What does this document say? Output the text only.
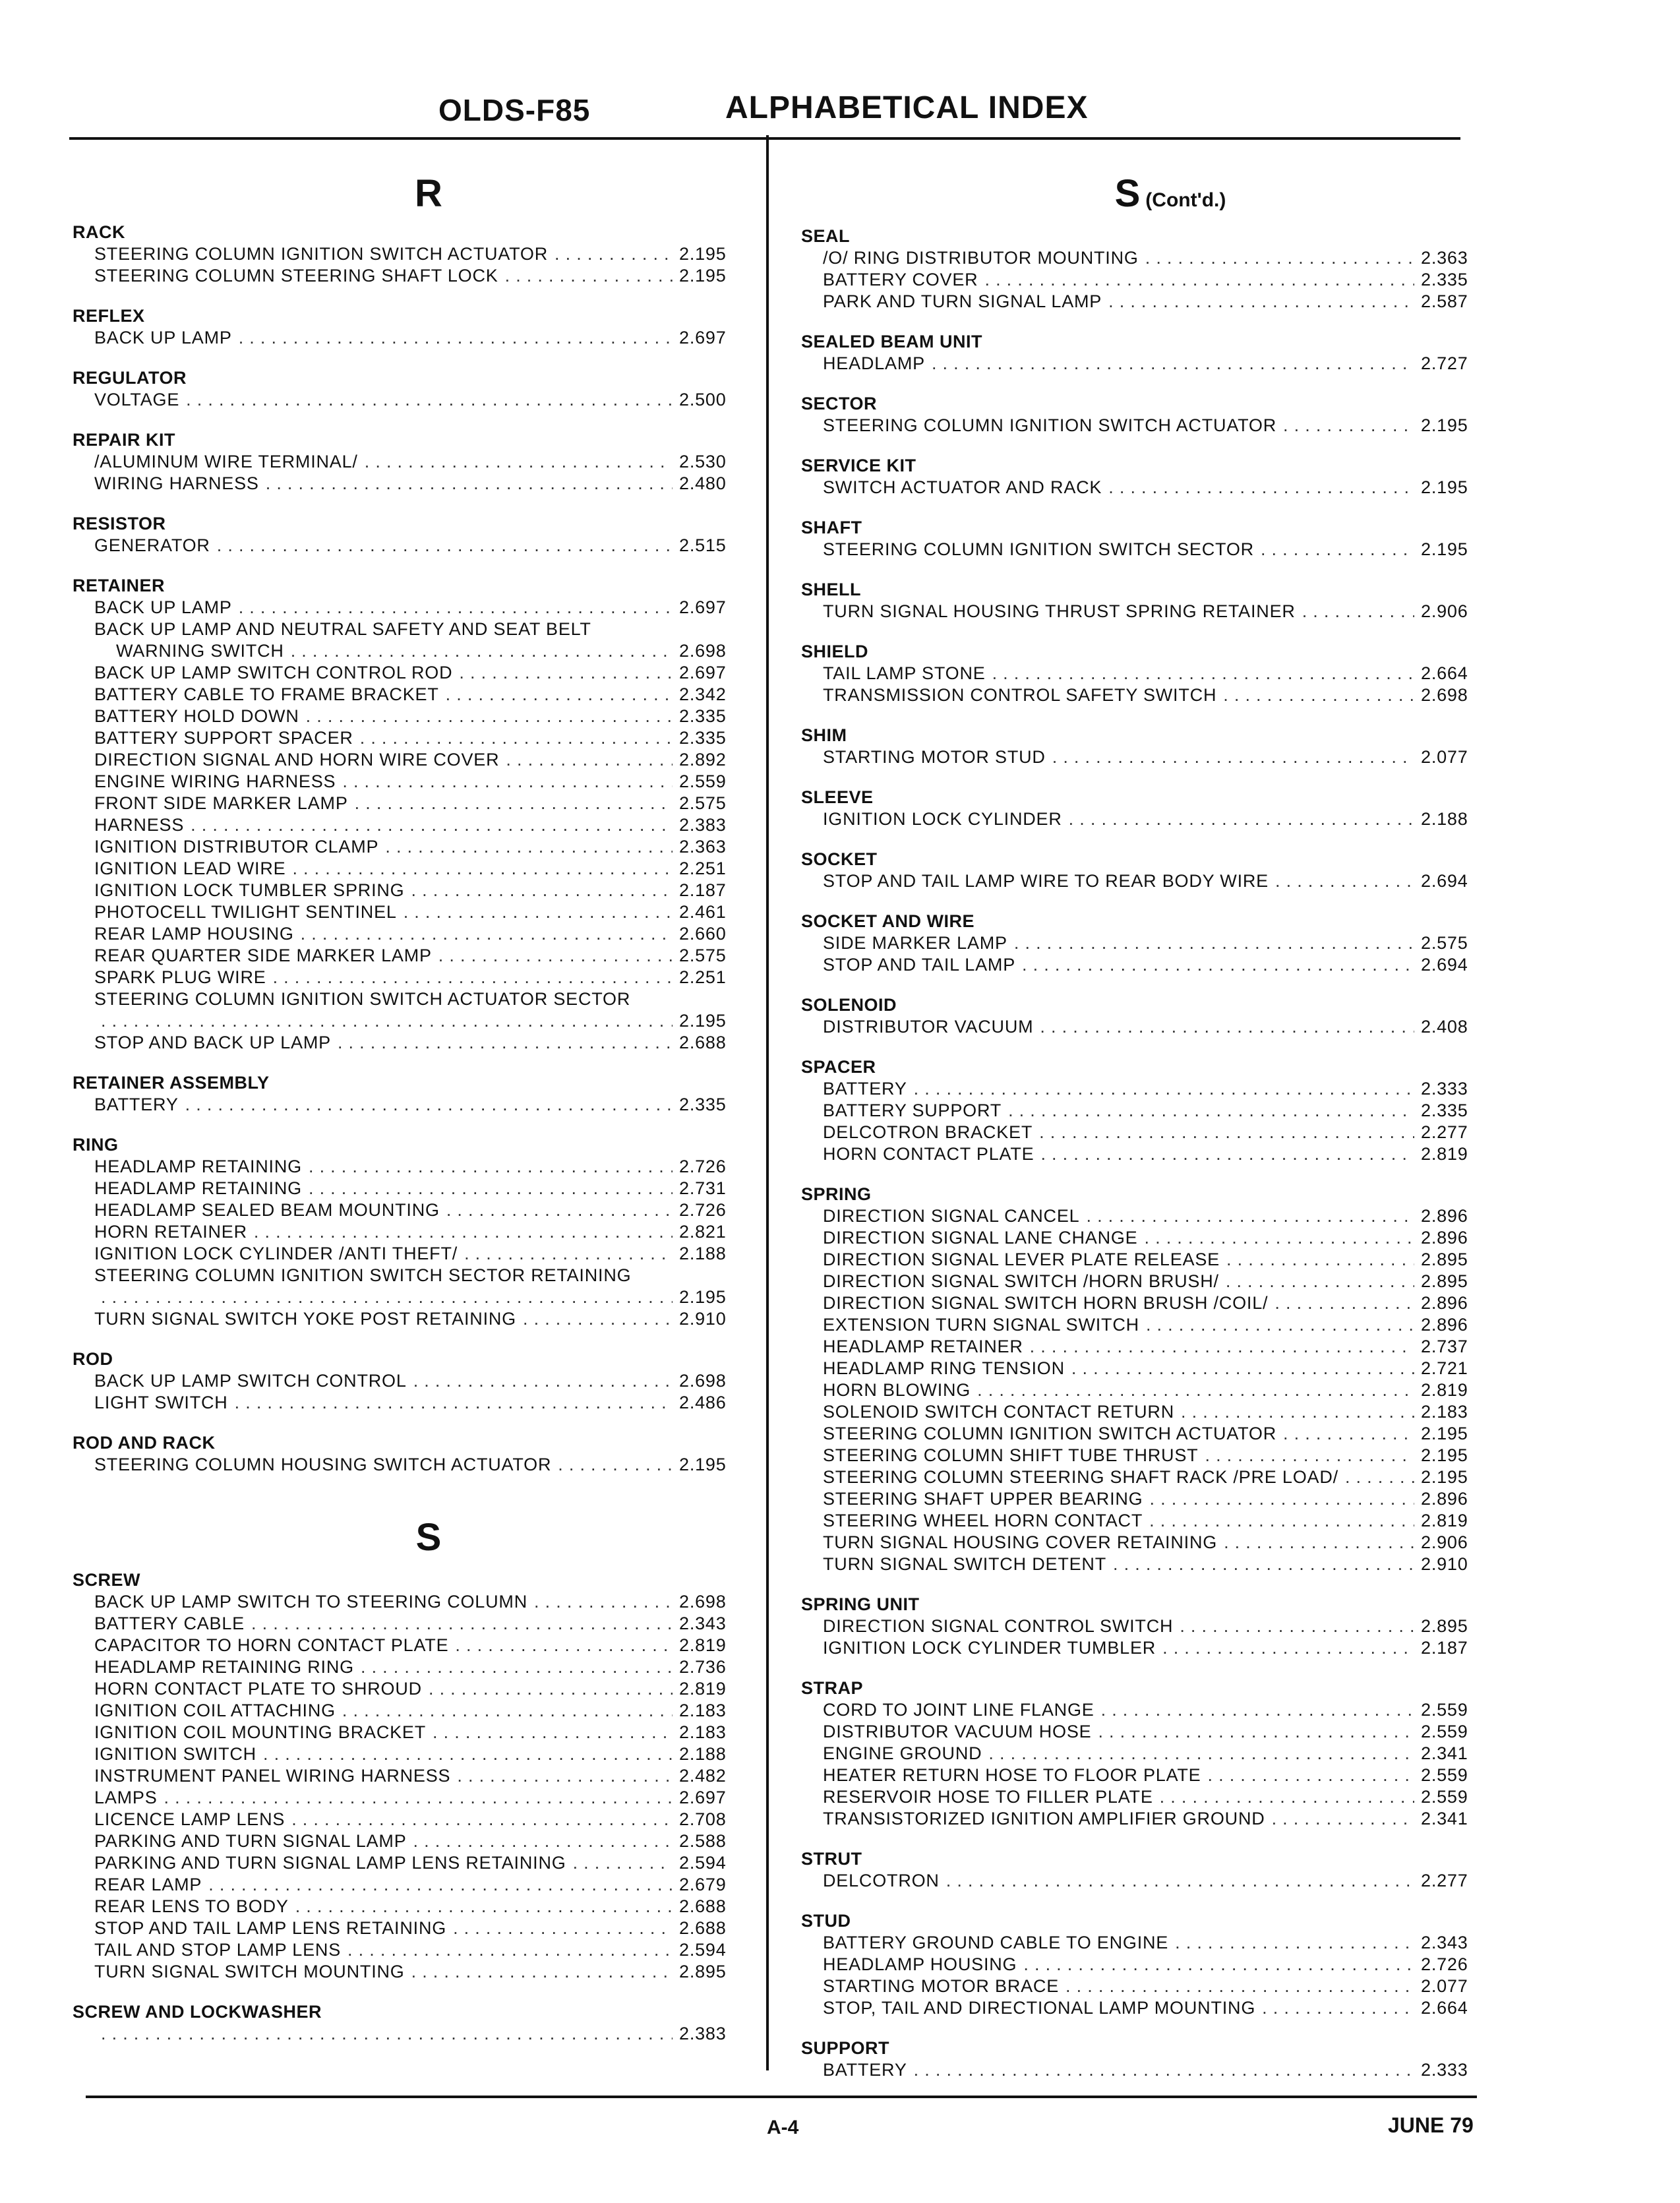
OLDS-F85	ALPHABETICAL INDEX
R
RACK
STEERING COLUMN IGNITION SWITCH ACTUATOR . . .	2.195
STEERING COLUMN STEERING SHAFT LOCK . . .	2.195
REFLEX
BACK UP LAMP . . .	2.697
REGULATOR
VOLTAGE . . .	2.500
REPAIR KIT
/ALUMINUM WIRE TERMINAL/ . . .	2.530
WIRING HARNESS . . .	2.480
RESISTOR
GENERATOR . . .	2.515
RETAINER
BACK UP LAMP . . .	2.697
BACK UP LAMP AND NEUTRAL SAFETY AND SEAT BELT
WARNING SWITCH . . .	2.698
BACK UP LAMP SWITCH CONTROL ROD . . .	2.697
BATTERY CABLE TO FRAME BRACKET . . .	2.342
BATTERY HOLD DOWN . . .	2.335
BATTERY SUPPORT SPACER . . .	2.335
DIRECTION SIGNAL AND HORN WIRE COVER . . .	2.892
ENGINE WIRING HARNESS . . .	2.559
FRONT SIDE MARKER LAMP . . .	2.575
HARNESS . . .	2.383
IGNITION DISTRIBUTOR CLAMP . . .	2.363
IGNITION LEAD WIRE . . .	2.251
IGNITION LOCK TUMBLER SPRING . . .	2.187
PHOTOCELL TWILIGHT SENTINEL . . .	2.461
REAR LAMP HOUSING . . .	2.660
REAR QUARTER SIDE MARKER LAMP . . .	2.575
SPARK PLUG WIRE . . .	2.251
STEERING COLUMN IGNITION SWITCH ACTUATOR SECTOR
. . .
2.195
STOP AND BACK UP LAMP . . .	2.688
RETAINER ASSEMBLY
BATTERY . . .	2.335
RING
HEADLAMP RETAINING . . .	2.726
HEADLAMP RETAINING . . .	2.731
HEADLAMP SEALED BEAM MOUNTING . . .	2.726
HORN RETAINER . . .	2.821
IGNITION LOCK CYLINDER /ANTI THEFT/ . . .	2.188
STEERING COLUMN IGNITION SWITCH SECTOR RETAINING
. . .
2.195
TURN SIGNAL SWITCH YOKE POST RETAINING . . .	2.910
ROD
BACK UP LAMP SWITCH CONTROL . . .	2.698
LIGHT SWITCH . . .	2.486
ROD AND RACK
STEERING COLUMN HOUSING SWITCH ACTUATOR . . .	2.195
S
SCREW
BACK UP LAMP SWITCH TO STEERING COLUMN . . .	2.698
BATTERY CABLE . . .	2.343
CAPACITOR TO HORN CONTACT PLATE . . .	2.819
HEADLAMP RETAINING RING . . .	2.736
HORN CONTACT PLATE TO SHROUD . . .	2.819
IGNITION COIL ATTACHING . . .	2.183
IGNITION COIL MOUNTING BRACKET . . .	2.183
IGNITION SWITCH . . .	2.188
INSTRUMENT PANEL WIRING HARNESS . . .	2.482
LAMPS . . .	2.697
LICENCE LAMP LENS . . .	2.708
PARKING AND TURN SIGNAL LAMP . . .	2.588
PARKING AND TURN SIGNAL LAMP LENS RETAINING . . .	2.594
REAR LAMP . . .	2.679
REAR LENS TO BODY . . .	2.688
STOP AND TAIL LAMP LENS RETAINING . . .	2.688
TAIL AND STOP LAMP LENS . . .	2.594
TURN SIGNAL SWITCH MOUNTING . . .	2.895
SCREW AND LOCKWASHER
. . .
2.383
S (Cont'd.)
SEAL
/O/ RING DISTRIBUTOR MOUNTING . . .	2.363
BATTERY COVER . . .	2.335
PARK AND TURN SIGNAL LAMP . . .	2.587
SEALED BEAM UNIT
HEADLAMP . . .	2.727
SECTOR
STEERING COLUMN IGNITION SWITCH ACTUATOR . . .	2.195
SERVICE KIT
SWITCH ACTUATOR AND RACK . . .	2.195
SHAFT
STEERING COLUMN IGNITION SWITCH SECTOR . . .	2.195
SHELL
TURN SIGNAL HOUSING THRUST SPRING RETAINER . . .	2.906
SHIELD
TAIL LAMP STONE . . .	2.664
TRANSMISSION CONTROL SAFETY SWITCH . . .	2.698
SHIM
STARTING MOTOR STUD . . .	2.077
SLEEVE
IGNITION LOCK CYLINDER . . .	2.188
SOCKET
STOP AND TAIL LAMP WIRE TO REAR BODY WIRE . . .	2.694
SOCKET AND WIRE
SIDE MARKER LAMP . . .	2.575
STOP AND TAIL LAMP . . .	2.694
SOLENOID
DISTRIBUTOR VACUUM . . .	2.408
SPACER
BATTERY . . .	2.333
BATTERY SUPPORT . . .	2.335
DELCOTRON BRACKET . . .	2.277
HORN CONTACT PLATE . . .	2.819
SPRING
DIRECTION SIGNAL CANCEL . . .	2.896
DIRECTION SIGNAL LANE CHANGE . . .	2.896
DIRECTION SIGNAL LEVER PLATE RELEASE . . .	2.895
DIRECTION SIGNAL SWITCH /HORN BRUSH/ . . .	2.895
DIRECTION SIGNAL SWITCH HORN BRUSH /COIL/ . . .	2.896
EXTENSION TURN SIGNAL SWITCH . . .	2.896
HEADLAMP RETAINER . . .	2.737
HEADLAMP RING TENSION . . .	2.721
HORN BLOWING . . .	2.819
SOLENOID SWITCH CONTACT RETURN . . .	2.183
STEERING COLUMN IGNITION SWITCH ACTUATOR . . .	2.195
STEERING COLUMN SHIFT TUBE THRUST . . .	2.195
STEERING COLUMN STEERING SHAFT RACK /PRE LOAD/ . . .	2.195
STEERING SHAFT UPPER BEARING . . .	2.896
STEERING WHEEL HORN CONTACT . . .	2.819
TURN SIGNAL HOUSING COVER RETAINING . . .	2.906
TURN SIGNAL SWITCH DETENT . . .	2.910
SPRING UNIT
DIRECTION SIGNAL CONTROL SWITCH . . .	2.895
IGNITION LOCK CYLINDER TUMBLER . . .	2.187
STRAP
CORD TO JOINT LINE FLANGE . . .	2.559
DISTRIBUTOR VACUUM HOSE . . .	2.559
ENGINE GROUND . . .	2.341
HEATER RETURN HOSE TO FLOOR PLATE . . .	2.559
RESERVOIR HOSE TO FILLER PLATE . . .	2.559
TRANSISTORIZED IGNITION AMPLIFIER GROUND . . .	2.341
STRUT
DELCOTRON . . .	2.277
STUD
BATTERY GROUND CABLE TO ENGINE . . .	2.343
HEADLAMP HOUSING . . .	2.726
STARTING MOTOR BRACE . . .	2.077
STOP, TAIL AND DIRECTIONAL LAMP MOUNTING . . .	2.664
SUPPORT
BATTERY . . .	2.333
A-4	JUNE 79
